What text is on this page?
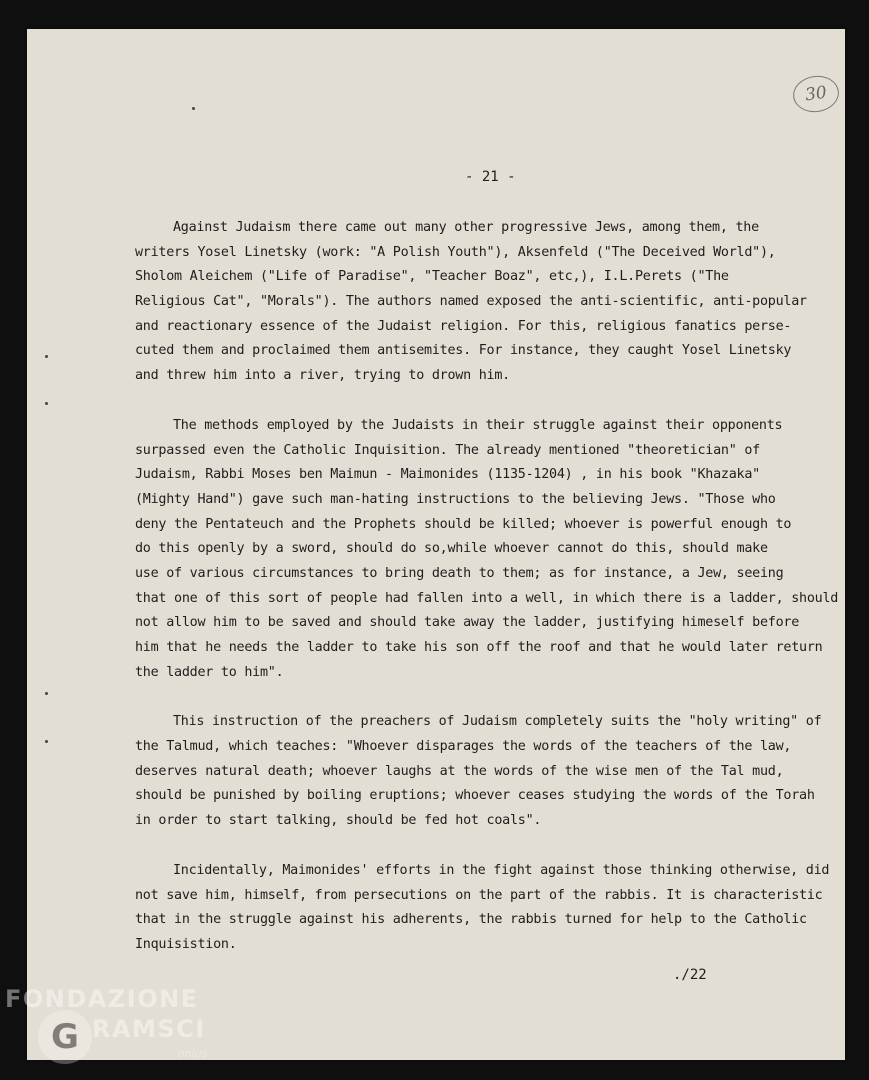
30
- 21 -

Against Judaism there came out many other progressive Jews, among them, the
writers Yosel Linetsky (work: "A Polish Youth"), Aksenfeld ("The Deceived World"),
Sholom Aleichem ("Life of Paradise", "Teacher Boaz", etc,), I.L.Perets ("The
Religious Cat", "Morals"). The authors named exposed the anti-scientific, anti-popular
and reactionary essence of the Judaist religion. For this, religious fanatics perse-
cuted them and proclaimed them antisemites. For instance, they caught Yosel Linetsky
and threw him into a river, trying to drown him.

The methods employed by the Judaists in their struggle against their opponents
surpassed even the Catholic Inquisition. The already mentioned "theoretician" of
Judaism, Rabbi Moses ben Maimun - Maimonides (1135-1204) , in his book "Khazaka"
(Mighty Hand") gave such man-hating instructions to the believing Jews. "Those who
deny the Pentateuch and the Prophets should be killed; whoever is powerful enough to
do this openly by a sword, should do so,while whoever cannot do this, should make
use of various circumstances to bring death to them; as for instance, a Jew, seeing
that one of this sort of people had fallen into a well, in which there is a ladder, should
not allow him to be saved and should take away the ladder, justifying himeself before
him that he needs the ladder to take his son off the roof and that he would later return
the ladder to him".

This instruction of the preachers of Judaism completely suits the "holy writing" of
the Talmud, which teaches: "Whoever disparages the words of the teachers of the law,
deserves natural death; whoever laughs at the words of the wise men of the Tal mud,
should be punished by boiling eruptions; whoever ceases studying the words of the Torah
in order to start talking, should be fed hot coals".

Incidentally, Maimonides' efforts in the fight against those thinking otherwise, did
not save him, himself, from persecutions on the part of the rabbis. It is characteristic
that in the struggle against his adherents, the rabbis turned for help to the Catholic
Inquisistion.

./22
FONDAZIONE
G RAMSCI
onlus
